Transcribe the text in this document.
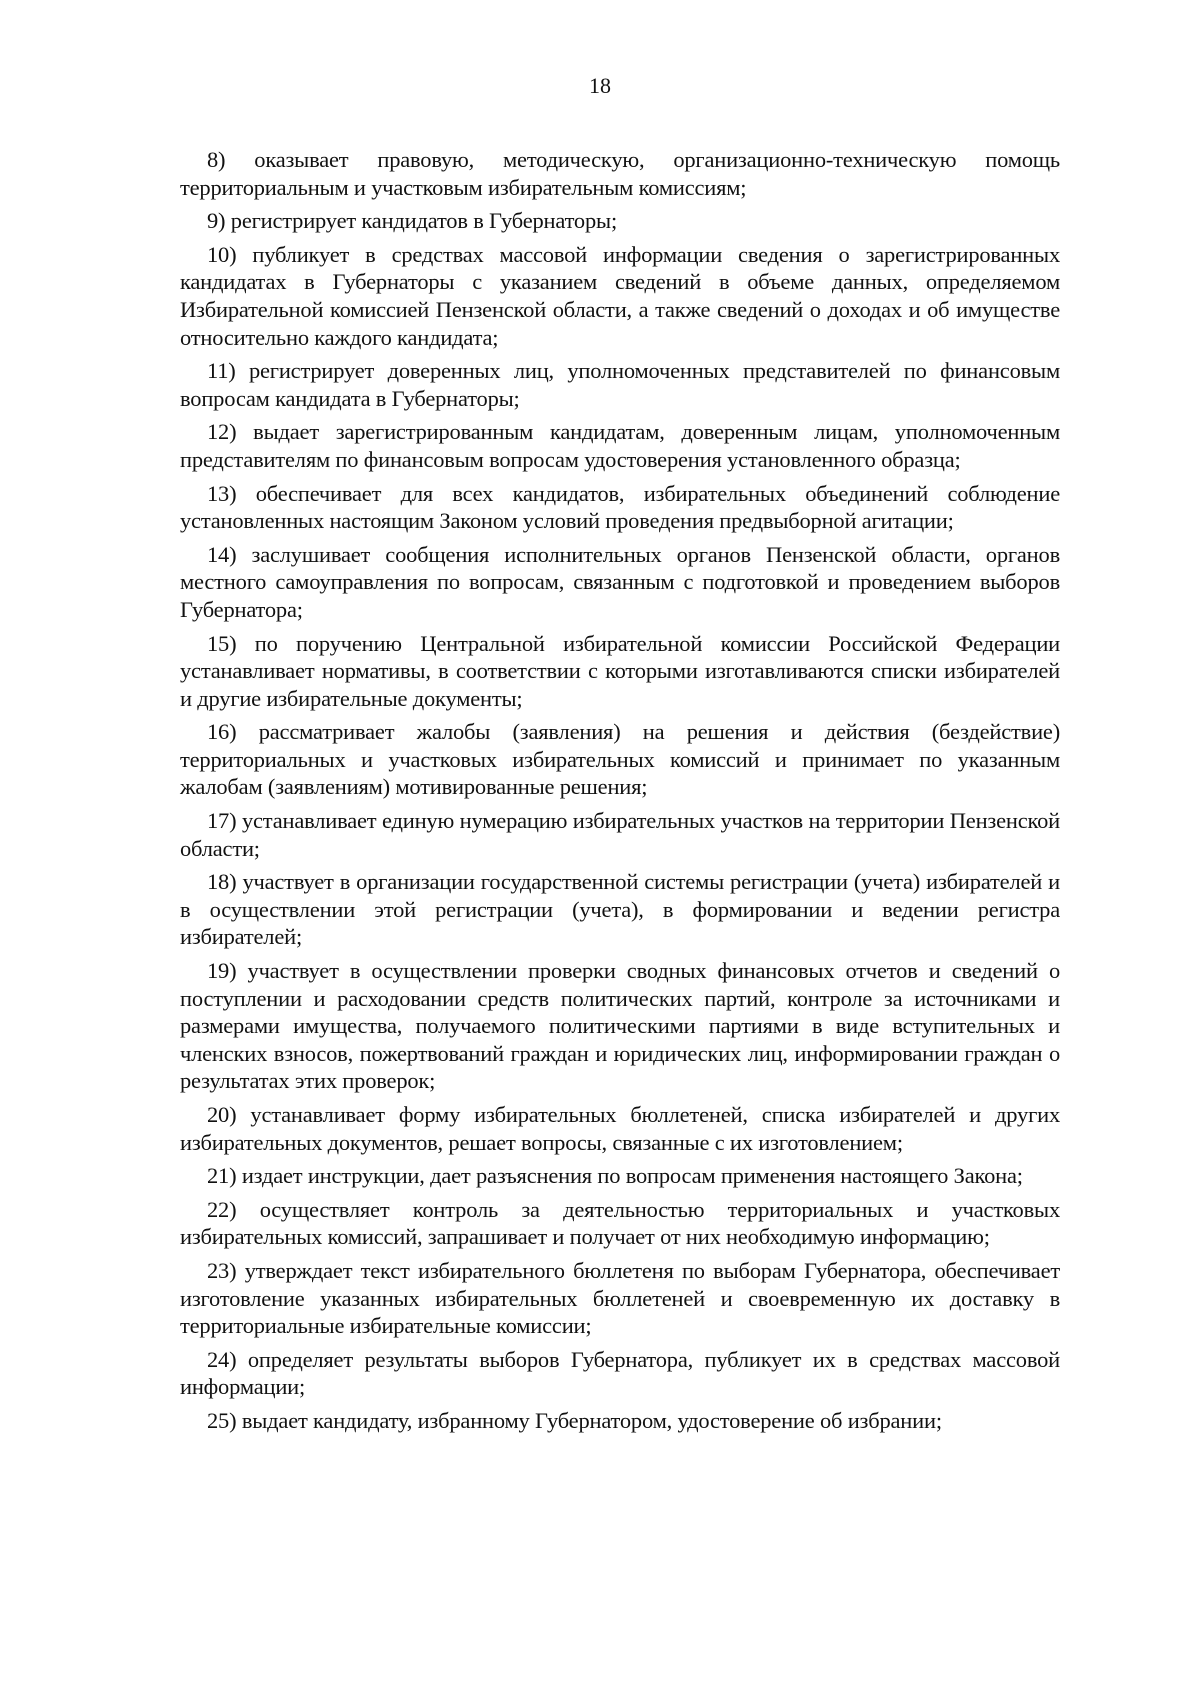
18

8) оказывает правовую, методическую, организационно-техническую помощь территориальным и участковым избирательным комиссиям;

9) регистрирует кандидатов в Губернаторы;

10) публикует в средствах массовой информации сведения о зарегистрированных кандидатах в Губернаторы с указанием сведений в объеме данных, определяемом Избирательной комиссией Пензенской области, а также сведений о доходах и об имуществе относительно каждого кандидата;

11) регистрирует доверенных лиц, уполномоченных представителей по финансовым вопросам кандидата в Губернаторы;

12) выдает зарегистрированным кандидатам, доверенным лицам, уполномоченным представителям по финансовым вопросам удостоверения установленного образца;

13) обеспечивает для всех кандидатов, избирательных объединений соблюдение установленных настоящим Законом условий проведения предвыборной агитации;

14) заслушивает сообщения исполнительных органов Пензенской области, органов местного самоуправления по вопросам, связанным с подготовкой и проведением выборов Губернатора;

15) по поручению Центральной избирательной комиссии Российской Федерации устанавливает нормативы, в соответствии с которыми изготавливаются списки избирателей и другие избирательные документы;

16) рассматривает жалобы (заявления) на решения и действия (бездействие) территориальных и участковых избирательных комиссий и принимает по указанным жалобам (заявлениям) мотивированные решения;

17) устанавливает единую нумерацию избирательных участков на территории Пензенской области;

18) участвует в организации государственной системы регистрации (учета) избирателей и в осуществлении этой регистрации (учета), в формировании и ведении регистра избирателей;

19) участвует в осуществлении проверки сводных финансовых отчетов и сведений о поступлении и расходовании средств политических партий, контроле за источниками и размерами имущества, получаемого политическими партиями в виде вступительных и членских взносов, пожертвований граждан и юридических лиц, информировании граждан о результатах этих проверок;

20) устанавливает форму избирательных бюллетеней, списка избирателей и других избирательных документов, решает вопросы, связанные с их изготовлением;

21) издает инструкции, дает разъяснения по вопросам применения настоящего Закона;

22) осуществляет контроль за деятельностью территориальных и участковых избирательных комиссий, запрашивает и получает от них необходимую информацию;

23) утверждает текст избирательного бюллетеня по выборам Губернатора, обеспечивает изготовление указанных избирательных бюллетеней и своевременную их доставку в территориальные избирательные комиссии;

24) определяет результаты выборов Губернатора, публикует их в средствах массовой информации;

25) выдает кандидату, избранному Губернатором, удостоверение об избрании;
